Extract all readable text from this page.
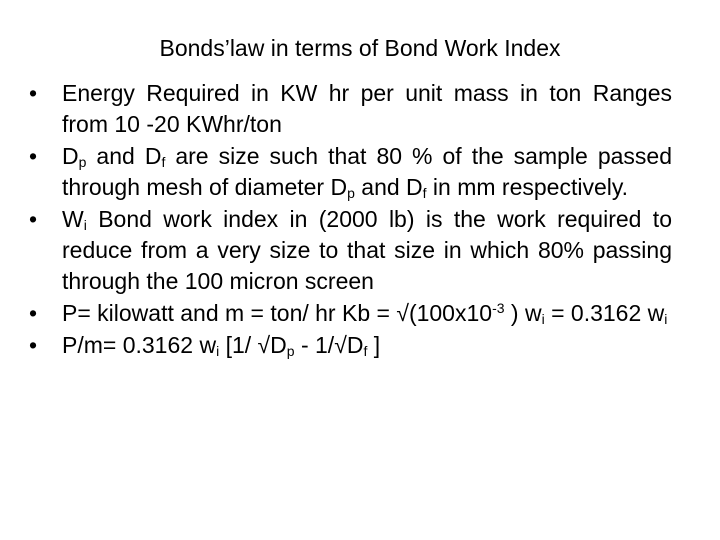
Bonds’law in terms of Bond Work Index
• Energy Required in KW hr per unit mass in ton Ranges from 10 -20 KWhr/ton
• $D_p$ and $D_f$ are size such that 80 % of the sample passed through mesh of diameter $D_p$ and $D_f$ in mm respectively.
• $W_i$ Bond work index in (2000 lb) is the work required to reduce from a very size to that size in which 80% passing through the 100 micron screen
• P= kilowatt and m = ton/ hr $Kb = √(100x10^{-3}$ ) $w_i = 0.3162$ $w_i$
• P/m= 0.3162 $w_i$ [1/ $√D_p - 1/√D_f$ ]
